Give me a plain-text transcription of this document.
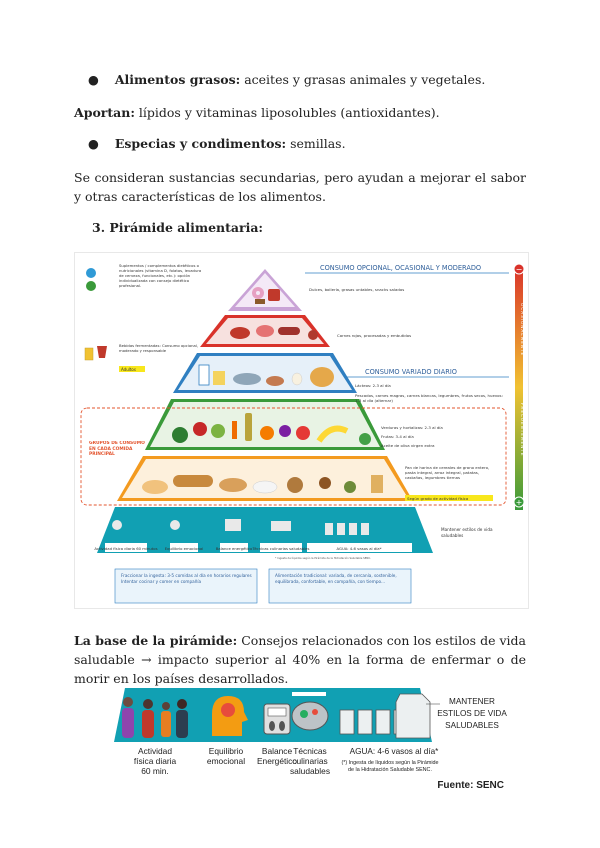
●    Alimentos grasos: aceites y grasas animales y vegetales.
Aportan: lípidos y vitaminas liposolubles (antioxidantes).
●    Especias y condimentos: semillas.
Se consideran sustancias secundarias, pero ayudan a mejorar el sabor y otras características de los alimentos.
3. Pirámide alimentaria:
CONSUMO OPCIONAL, OCASIONAL Y MODERADO
CONSUMO VARIADO DIARIO
−
+
OCASIONALMENTE
FRECUENTEMENTE
Actividad física diaria 60 minutos Equilibrio emocional	Balance energético Técnicas culinarias saludables	AGUA: 4-6 vasos al día*
* Ingesta de líquidos según la Pirámide de la Hidratación Saludable SENC.
Suplementos / complementos dietéticos o nutricionales (vitamina D, folatos, levadura de cerveza, funcionales, etc.): opción individualizada con consejo dietético profesional.
Bebidas fermentadas: Consumo opcional, moderado y responsable
Adultos
GRUPOS DE CONSUMO EN CADA COMIDA PRINCIPAL
Dulces, bollería, grasas untables, snacks salados
Carnes rojas, procesadas y embutidos
Lácteos: 2-3 al día
Pescados, carnes magras, carnes blancas, legumbres, frutos secos, huevos: 1-3 al día (alternar)
Verduras y hortalizas: 2-3 al día
Frutas: 3-4 al día
Aceite de oliva virgen extra
Pan de harina de cereales de grano entero, pasta integral, arroz integral, patatas, castañas, legumbres tiernas
Según grado de actividad física
Mantener estilos de vida saludables
Fraccionar la ingesta: 3-5 comidas al día en horarios regulares
Intentar cocinar y comer en compañía
Alimentación tradicional: variada, de cercanía, sostenible, equilibrada, confortable, en compañía, con tiempo...
La base de la pirámide: Consejos relacionados con los estilos de vida saludable → impacto superior al 40% en la forma de enfermar o de morir en los países desarrollados.
Actividad
física diaria
60 min.
Equilibrio
emocional
Balance
Energético
Técnicas
culinarias
saludables
AGUA: 4-6 vasos al día*
(*) Ingesta de líquidos según la Pirámide
de la Hidratación Saludable SENC.
MANTENER
ESTILOS DE VIDA
SALUDABLES
Fuente: SENC
